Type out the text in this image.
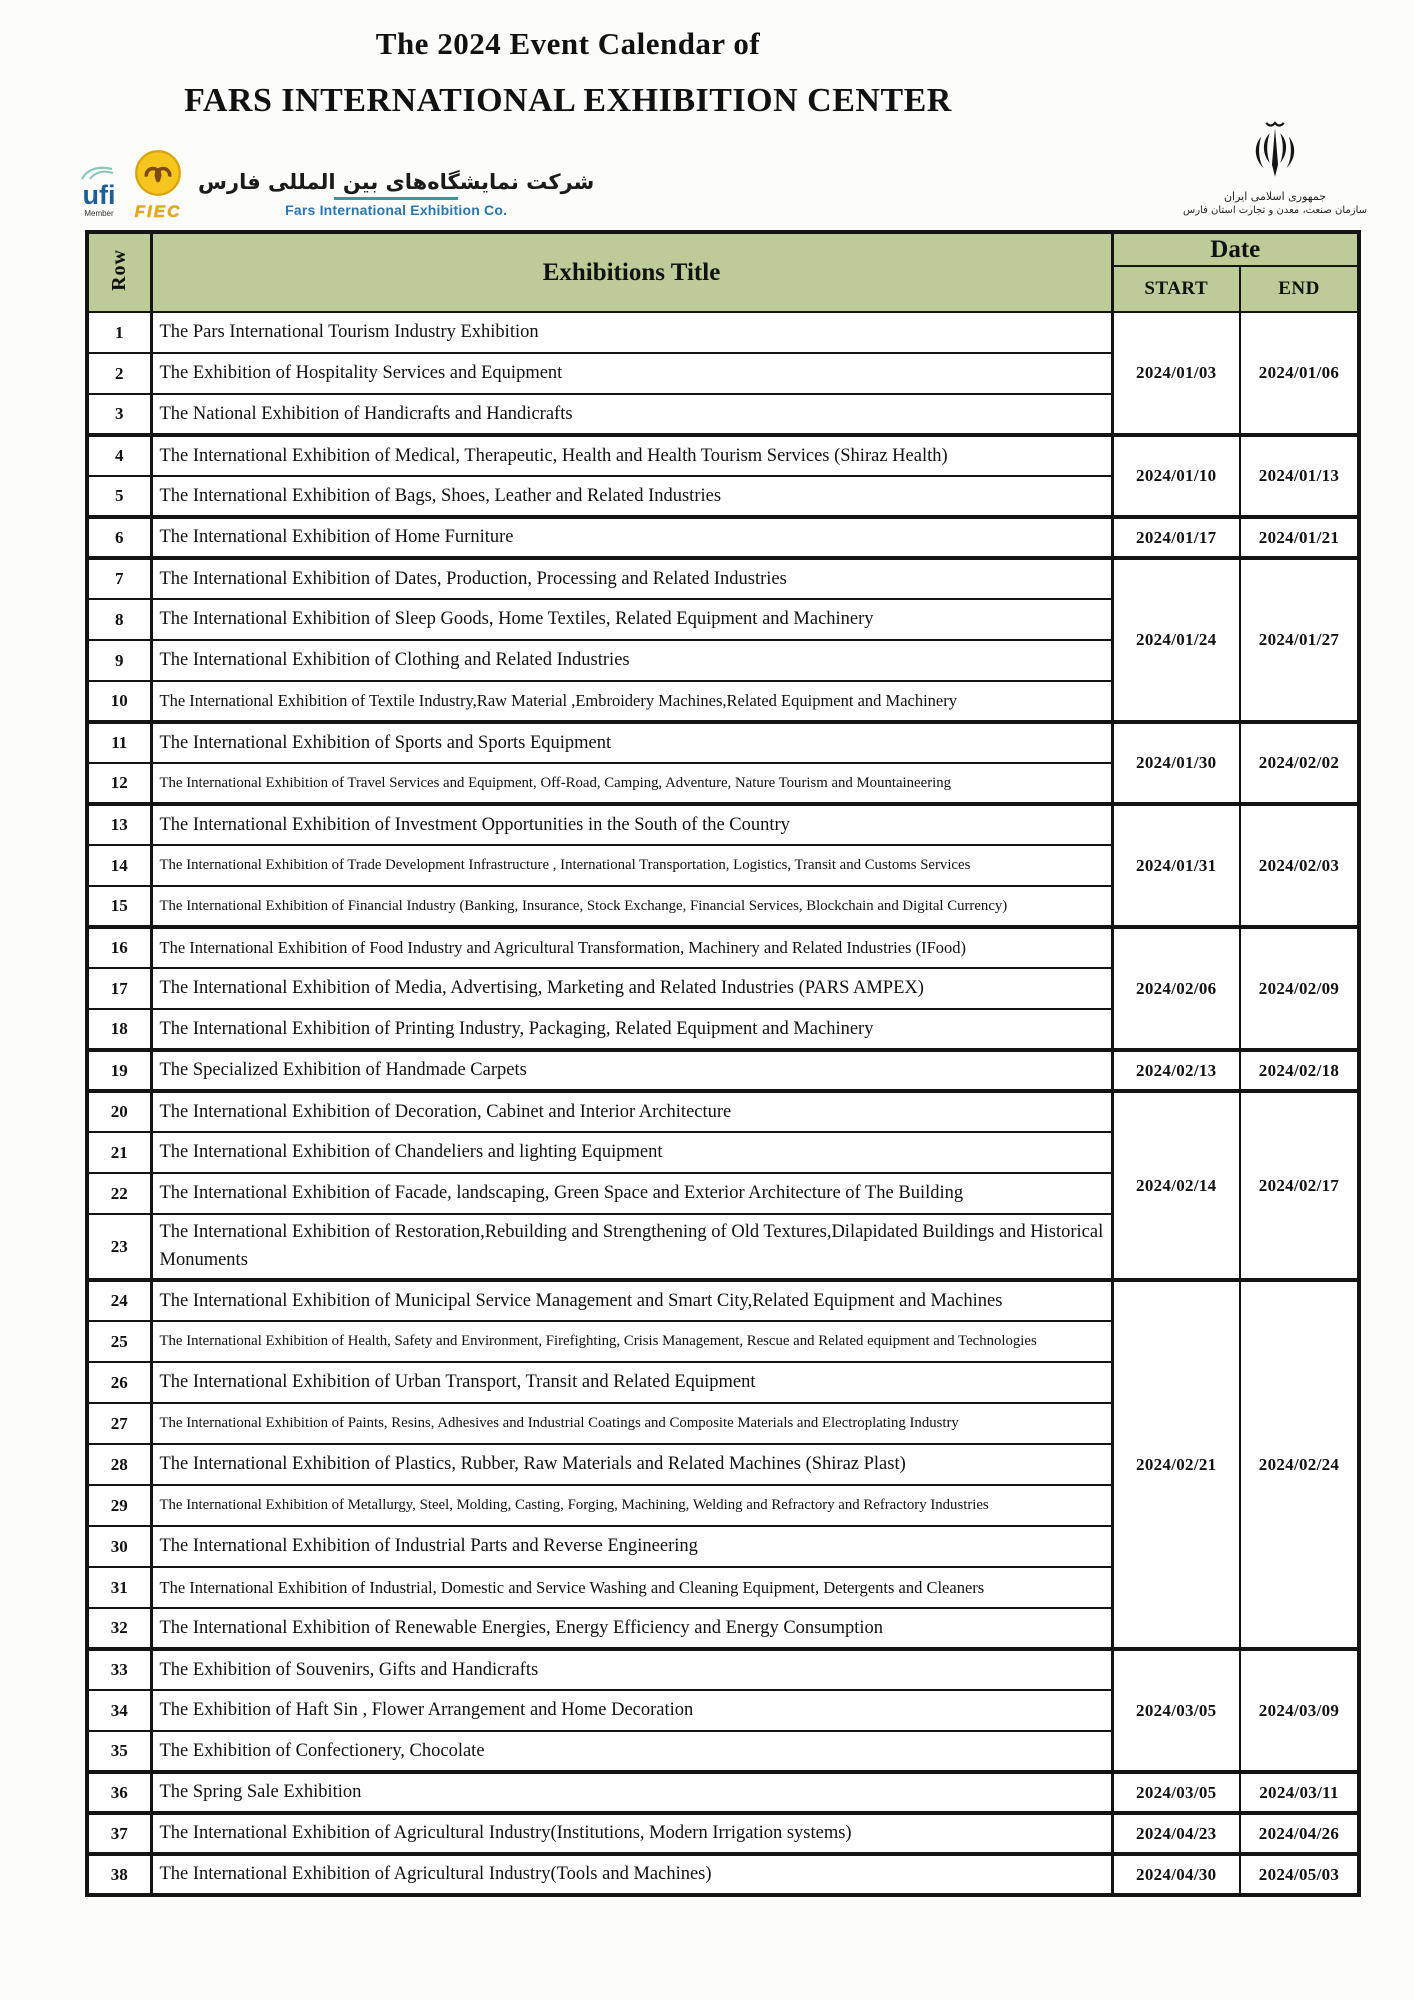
The 2024 Event Calendar of
FARS INTERNATIONAL EXHIBITION CENTER
ufi
Member FIEC
شرکت نمایشگاه‌های بین المللی فارس
Fars International Exhibition Co.
جمهوری اسلامی ایران
سازمان صنعت، معدن و تجارت استان فارس
Row	Exhibitions Title	Date	
		START	END
1	The Pars International Tourism Industry Exhibition	2024/01/03	2024/01/06
2	The Exhibition of Hospitality Services and Equipment		
3	The National Exhibition of Handicrafts and Handicrafts		
4	The International Exhibition of Medical, Therapeutic, Health and Health Tourism Services (Shiraz Health)	2024/01/10	2024/01/13
5	The International Exhibition of Bags, Shoes, Leather and Related Industries		
6	The International Exhibition of Home Furniture	2024/01/17	2024/01/21
7	The International Exhibition of Dates, Production, Processing and Related Industries	2024/01/24	2024/01/27
8	The International Exhibition of Sleep Goods, Home Textiles, Related Equipment and Machinery		
9	The International Exhibition of Clothing and Related Industries		
10	The International Exhibition of Textile Industry,Raw Material ,Embroidery Machines,Related Equipment and Machinery		
11	The International Exhibition of Sports and Sports Equipment	2024/01/30	2024/02/02
12	The International Exhibition of Travel Services and Equipment, Off-Road, Camping, Adventure, Nature Tourism and Mountaineering		
13	The International Exhibition of Investment Opportunities in the South of the Country	2024/01/31	2024/02/03
14	The International Exhibition of Trade Development Infrastructure , International Transportation, Logistics, Transit and Customs Services		
15	The International Exhibition of Financial Industry (Banking, Insurance, Stock Exchange, Financial Services, Blockchain and Digital Currency)		
16	The International Exhibition of Food Industry and Agricultural Transformation, Machinery and Related Industries (IFood)	2024/02/06	2024/02/09
17	The International Exhibition of Media, Advertising, Marketing and Related Industries (PARS AMPEX)		
18	The International Exhibition of Printing Industry, Packaging, Related Equipment and Machinery		
19	The Specialized Exhibition of Handmade Carpets	2024/02/13	2024/02/18
20	The International Exhibition of Decoration, Cabinet and Interior Architecture	2024/02/14	2024/02/17
21	The International Exhibition of Chandeliers and lighting Equipment		
22	The International Exhibition of Facade, landscaping, Green Space and Exterior Architecture of The Building		
23	The International Exhibition of Restoration,Rebuilding and Strengthening of Old Textures,Dilapidated Buildings and Historical Monuments		
24	The International Exhibition of Municipal Service Management and Smart City,Related Equipment and Machines	2024/02/21	2024/02/24
25	The International Exhibition of Health, Safety and Environment, Firefighting, Crisis Management, Rescue and Related equipment and Technologies		
26	The International Exhibition of Urban Transport, Transit and Related Equipment		
27	The International Exhibition of Paints, Resins, Adhesives and Industrial Coatings and Composite Materials and Electroplating Industry		
28	The International Exhibition of Plastics, Rubber, Raw Materials and Related Machines (Shiraz Plast)		
29	The International Exhibition of Metallurgy, Steel, Molding, Casting, Forging, Machining, Welding and Refractory and Refractory Industries		
30	The International Exhibition of Industrial Parts and Reverse Engineering		
31	The International Exhibition of Industrial, Domestic and Service Washing and Cleaning Equipment, Detergents and Cleaners		
32	The International Exhibition of Renewable Energies, Energy Efficiency and Energy Consumption		
33	The Exhibition of Souvenirs, Gifts and Handicrafts	2024/03/05	2024/03/09
34	The Exhibition of Haft Sin , Flower Arrangement and Home Decoration		
35	The Exhibition of Confectionery, Chocolate		
36	The Spring Sale Exhibition	2024/03/05	2024/03/11
37	The International Exhibition of Agricultural Industry(Institutions, Modern Irrigation systems)	2024/04/23	2024/04/26
38	The International Exhibition of Agricultural Industry(Tools and Machines)	2024/04/30	2024/05/03
